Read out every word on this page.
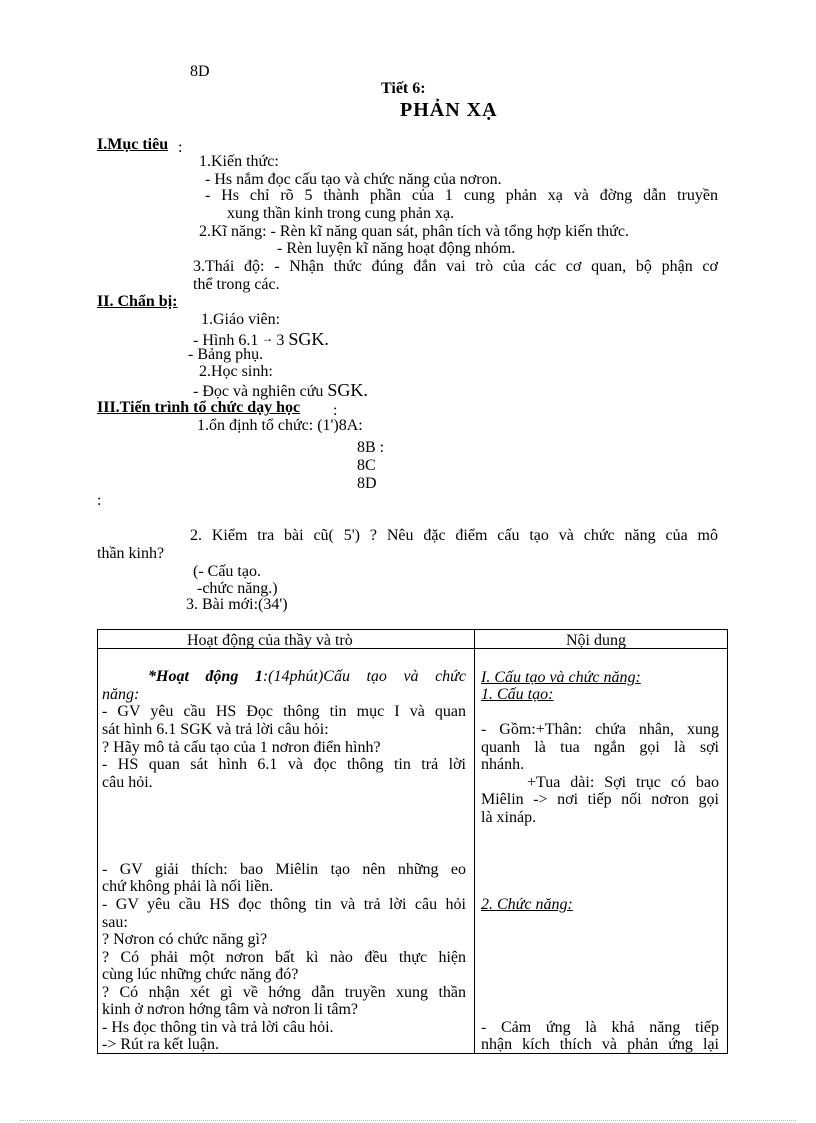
8D
Tiết 6:
PHẢN XẠ
I.Mục tiêu :
1.Kiến thức:
- Hs nắm đọc cấu tạo và chức năng của nơron.
- Hs chỉ rõ 5 thành phần của 1 cung phản xạ và đờng dẫn truyền
xung thần kinh trong cung phản xạ.
2.Kĩ năng: - Rèn kĩ năng quan sát, phân tích và tổng hợp kiến thức.
- Rèn luyện kĩ năng hoạt động nhóm.
3.Thái độ: - Nhận thức đúng đắn vai trò của các cơ quan, bộ phận cơ
thể trong các.
II. Chẩn bị:
1.Giáo viên:
- Hình 6.1 → 3 SGK.
- Bảng phụ.
2.Học sinh:
- Đọc và nghiên cứu SGK.
III.Tiến trình tổ chức dạy học :
1.ổn định tổ chức: (1')8A:
8B :
8C
8D
:
2. Kiểm tra bài cũ( 5') ? Nêu đặc điểm cấu tạo và chức năng của mô
thần kinh?
(- Cấu tạo.
-chức năng.)
3. Bài mới:(34')
Hoạt động của thầy và trò	Nội dung
*Hoạt động 1:(14phút)Cấu tạo và chức
năng:
- GV yêu cầu HS Đọc thông tin mục I và quan
sát hình 6.1 SGK và trả lời câu hỏi:
? Hãy mô tả cấu tạo của 1 nơron điển hình?
- HS quan sát hình 6.1 và đọc thông tin trả lời
câu hỏi.
- GV giải thích: bao Miêlin tạo nên những eo
chứ không phải là nối liền.
- GV yêu cầu HS đọc thông tin và trả lời câu hỏi
sau:
? Nơron có chức năng gì?
? Có phải một nơron bất kì nào đều thực hiện
cùng lúc những chức năng đó?
? Có nhận xét gì về hớng dẫn truyền xung thần
kinh ở nơron hớng tâm và nơron li tâm?
- Hs đọc thông tin và trả lời câu hỏi.
-> Rút ra kết luận.
I. Cấu tạo và chức năng:
1. Cấu tạo:
- Gồm:+Thân: chứa nhân, xung
quanh là tua ngắn gọi là sợi
nhánh.
+Tua dài: Sợi trục có bao
Miêlin -> nơi tiếp nối nơron gọi
là xináp.
2. Chức năng:
- Cảm ứng là khả năng tiếp
nhận kích thích và phản ứng lại
